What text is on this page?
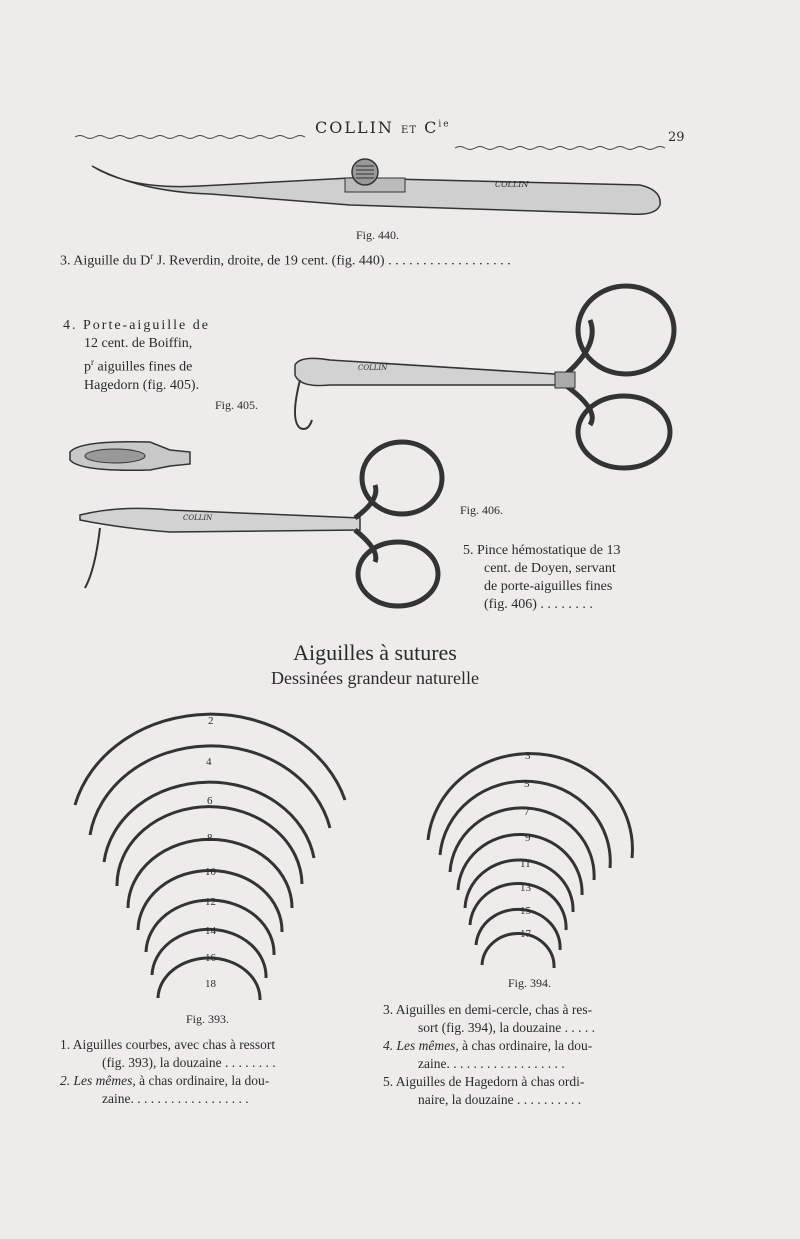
COLLIN ET $C^{ie}$
29
Fig. 440.
COLLIN
3. Aiguille du $D^r$ J. Reverdin, droite, de 19 cent. (fig. 440) . . . . . . . . . . . . . . . . . .
4. Porte-aiguille de
12 cent. de Boiffin,
$p^r$ aiguilles fines de
Hagedorn (fig. 405).
Fig. 405.
COLLIN
Fig. 406.
COLLIN
5. Pince hémostatique de 13
cent. de Doyen, servant
de porte-aiguilles fines
(fig. 406) . . . . . . . .
Aiguilles à sutures
Dessinées grandeur naturelle
2
4
6
8
10
12
14
16
18
Fig. 393.
3
5
7
9
11
13
15
17
Fig. 394.
1. Aiguilles courbes, avec chas à ressort
(fig. 393), la douzaine . . . . . . . .
2. Les mêmes, à chas ordinaire, la dou-
zaine. . . . . . . . . . . . . . . . . .
3. Aiguilles en demi-cercle, chas à res-
sort (fig. 394), la douzaine . . . . .
4. Les mêmes, à chas ordinaire, la dou-
zaine. . . . . . . . . . . . . . . . . .
5. Aiguilles de Hagedorn à chas ordi-
naire, la douzaine . . . . . . . . . .
